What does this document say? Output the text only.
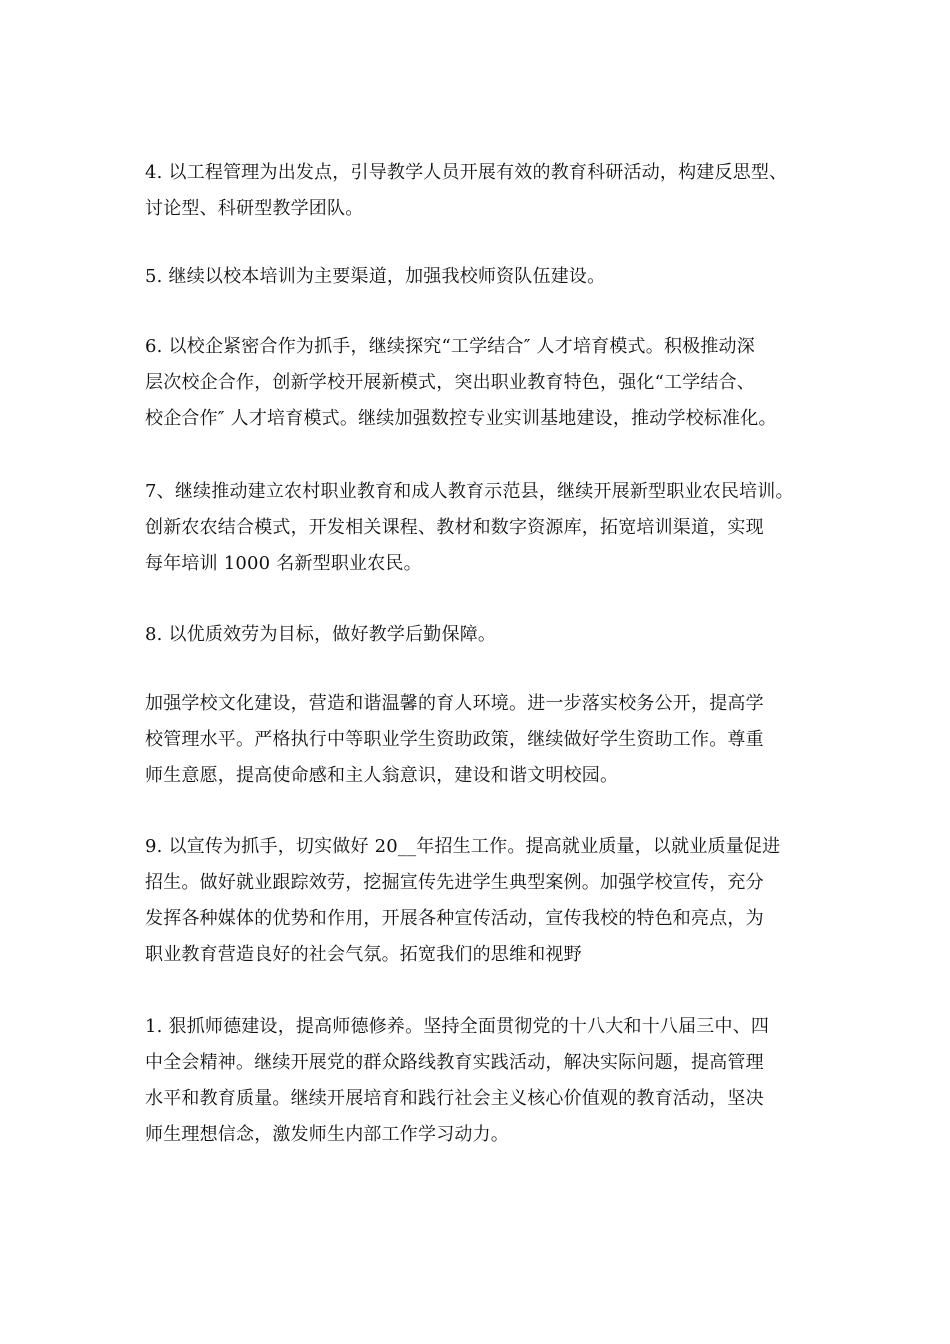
4. 以工程管理为出发点，引导教学人员开展有效的教育科研活动，构建反思型、
讨论型、科研型教学团队。
5. 继续以校本培训为主要渠道，加强我校师资队伍建设。
6. 以校企紧密合作为抓手，继续探究“工学结合″ 人才培育模式。积极推动深
层次校企合作，创新学校开展新模式，突出职业教育特色，强化“工学结合、
校企合作″ 人才培育模式。继续加强数控专业实训基地建设，推动学校标准化。
7、继续推动建立农村职业教育和成人教育示范县，继续开展新型职业农民培训。
创新农农结合模式，开发相关课程、教材和数字资源库，拓宽培训渠道，实现
每年培训 1000 名新型职业农民。
8. 以优质效劳为目标，做好教学后勤保障。
加强学校文化建设，营造和谐温馨的育人环境。进一步落实校务公开，提高学
校管理水平。严格执行中等职业学生资助政策，继续做好学生资助工作。尊重
师生意愿，提高使命感和主人翁意识，建设和谐文明校园。
9. 以宣传为抓手，切实做好 20__年招生工作。提高就业质量，以就业质量促进
招生。做好就业跟踪效劳，挖掘宣传先进学生典型案例。加强学校宣传，充分
发挥各种媒体的优势和作用，开展各种宣传活动，宣传我校的特色和亮点，为
职业教育营造良好的社会气氛。拓宽我们的思维和视野
1. 狠抓师德建设，提高师德修养。坚持全面贯彻党的十八大和十八届三中、四
中全会精神。继续开展党的群众路线教育实践活动，解决实际问题，提高管理
水平和教育质量。继续开展培育和践行社会主义核心价值观的教育活动，坚决
师生理想信念，激发师生内部工作学习动力。
